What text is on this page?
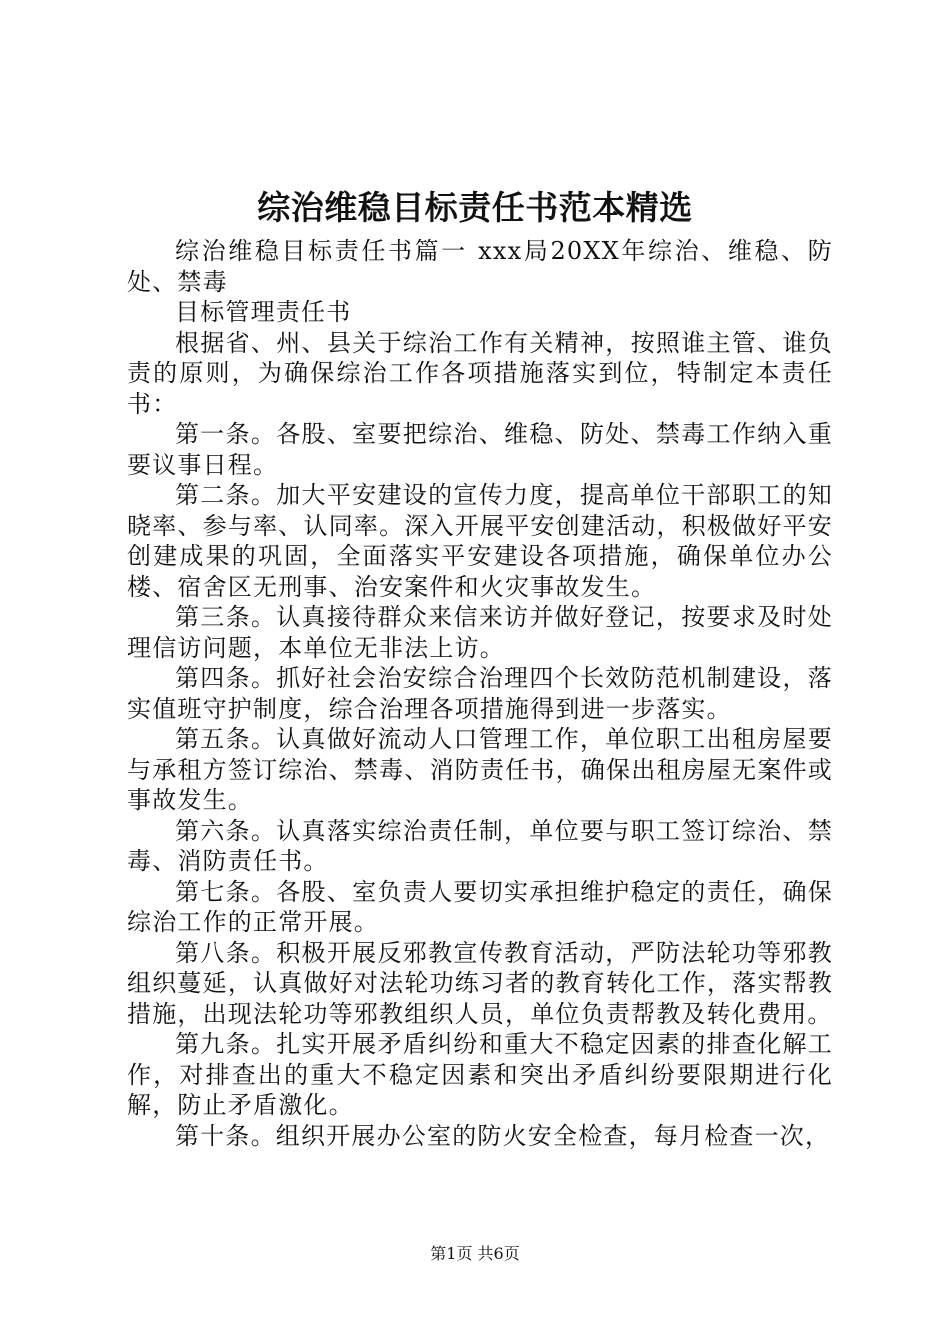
综治维稳目标责任书范本精选

综治维稳目标责任书篇一 xxx局20XX年综治、维稳、防处、禁毒

目标管理责任书

根据省、州、县关于综治工作有关精神，按照谁主管、谁负责的原则，为确保综治工作各项措施落实到位，特制定本责任书：

第一条。各股、室要把综治、维稳、防处、禁毒工作纳入重要议事日程。

第二条。加大平安建设的宣传力度，提高单位干部职工的知晓率、参与率、认同率。深入开展平安创建活动，积极做好平安创建成果的巩固，全面落实平安建设各项措施，确保单位办公楼、宿舍区无刑事、治安案件和火灾事故发生。

第三条。认真接待群众来信来访并做好登记，按要求及时处理信访问题，本单位无非法上访。

第四条。抓好社会治安综合治理四个长效防范机制建设，落实值班守护制度，综合治理各项措施得到进一步落实。

第五条。认真做好流动人口管理工作，单位职工出租房屋要与承租方签订综治、禁毒、消防责任书，确保出租房屋无案件或事故发生。

第六条。认真落实综治责任制，单位要与职工签订综治、禁毒、消防责任书。

第七条。各股、室负责人要切实承担维护稳定的责任，确保综治工作的正常开展。

第八条。积极开展反邪教宣传教育活动，严防法轮功等邪教组织蔓延，认真做好对法轮功练习者的教育转化工作，落实帮教措施，出现法轮功等邪教组织人员，单位负责帮教及转化费用。

第九条。扎实开展矛盾纠纷和重大不稳定因素的排查化解工作，对排查出的重大不稳定因素和突出矛盾纠纷要限期进行化解，防止矛盾激化。

第十条。组织开展办公室的防火安全检查，每月检查一次，

第1页 共6页
